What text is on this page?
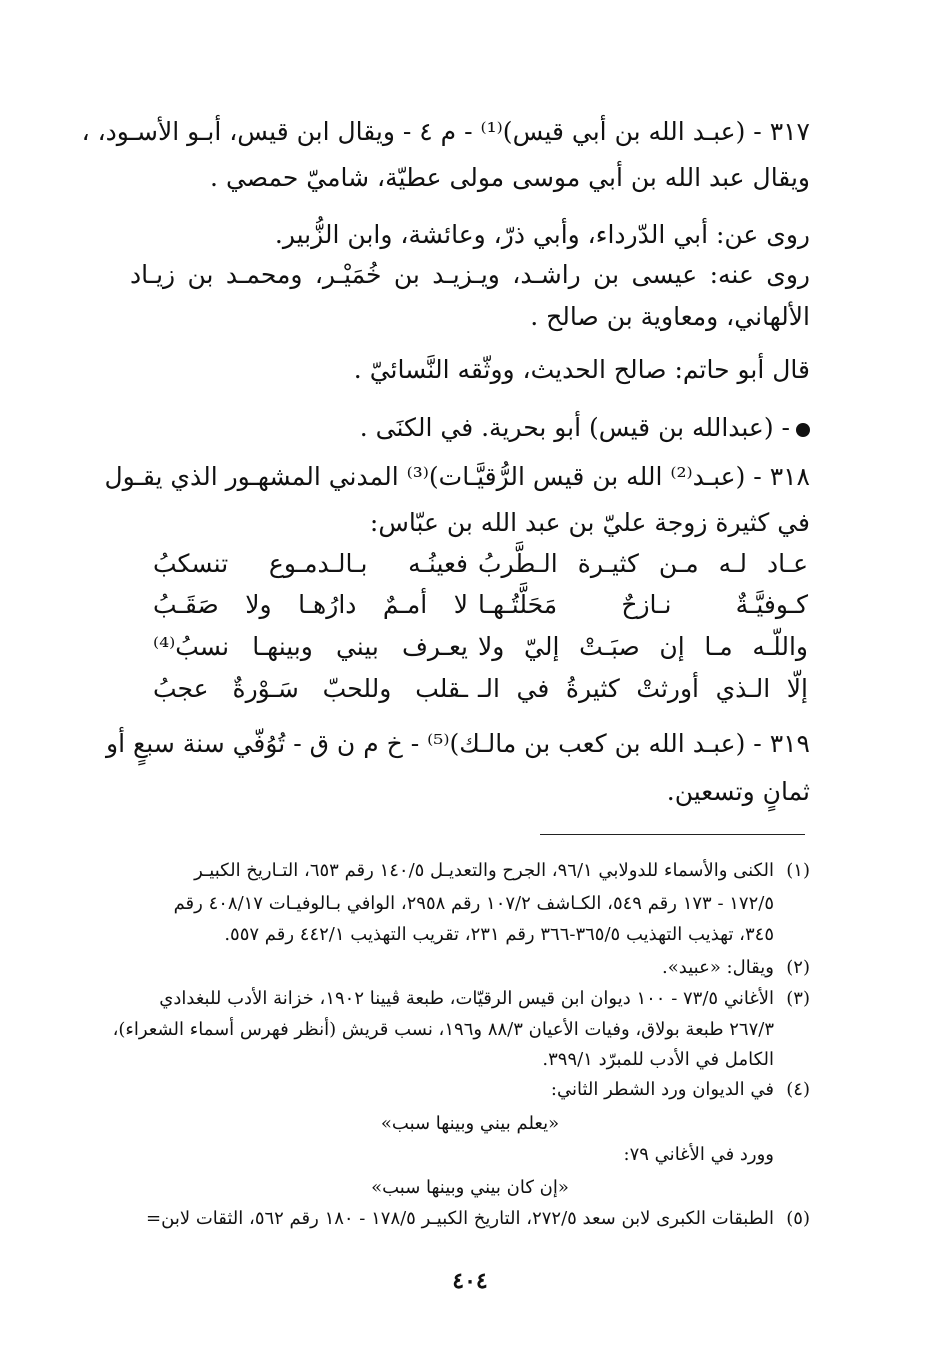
٣١٧ - (عبـد الله بن أبي قيس)⁽¹⁾ - م ٤ - ويقال ابن قيس، أبـو الأسـود، ،
ويقال عبد الله بن أبي موسى مولى عطيّة، شاميّ حمصي .
روى عن: أبي الدّرداء، وأبي ذرّ، وعائشة، وابن الزُّبير.
روى عنه: عيسى بن راشـد، ويـزيـد بن خُمَيْـر، ومحمـد بن زيـاد
الألهاني، ومعاوية بن صالح .
قال أبو حاتم: صالح الحديث، ووثّقه النَّسائيّ .
- (عبدالله بن قيس) أبو بحرية. في الكنَى .
٣١٨ - (عبـد⁽²⁾ الله بن قيس الرُّقيَّـات)⁽³⁾ المدني المشهـور الذي يقـول
في كثيرة زوجة عليّ بن عبد الله بن عبّاس:
عـاد لـه مـن كثيـرة الـطَّربُ
فعينُـه بـالـدمـوع تنسكبُ
كـوفيَّـةٌ نـازحٌ مَحَلَّتُـهـا
لا أمـمٌ دارُهـا ولا صَقَـبُ
واللّـه مـا إن صبَـتْ إليّ ولا
يعـرف بيني وبينهـا نسبُ⁽⁴⁾
إلّا الـذي أورثتْ كثيرةُ في الـ
ـقلب وللحبّ سَـوْرةٌ عجبُ
٣١٩ - (عبـد الله بن كعب بن مالـك)⁽⁵⁾ - خ م ن ق - تُوُفّي سنة سبعٍ أو
ثمانٍ وتسعين.
(١)الكنى والأسماء للدولابي ٩٦/١، الجرح والتعديـل ١٤٠/٥ رقم ٦٥٣، التـاريخ الكبيـر
١٧٢/٥ - ١٧٣ رقم ٥٤٩، الكـاشف ١٠٧/٢ رقم ٢٩٥٨، الوافي بـالوفيـات ٤٠٨/١٧ رقم
٣٤٥، تهذيب التهذيب ٣٦٥/٥-٣٦٦ رقم ٢٣١، تقريب التهذيب ٤٤٢/١ رقم ٥٥٧.
(٢)ويقال: «عبيد».
(٣)الأغاني ٧٣/٥ - ١٠٠ ديوان ابن قيس الرقيّات، طبعة ڤيينا ١٩٠٢، خزانة الأدب للبغدادي
٢٦٧/٣ طبعة بولاق، وفيات الأعيان ٨٨/٣ و١٩٦، نسب قريش (أنظر فهرس أسماء الشعراء)،
الكامل في الأدب للمبرّد ٣٩٩/١.
(٤)في الديوان ورد الشطر الثاني:
«يعلم بيني وبينها سبب»
وورد في الأغاني ٧٩:
«إن كان بيني وبينها سبب»
(٥)الطبقات الكبرى لابن سعد ٢٧٢/٥، التاريخ الكبيـر ١٧٨/٥ - ١٨٠ رقم ٥٦٢، الثقات لابن=
٤٠٤
